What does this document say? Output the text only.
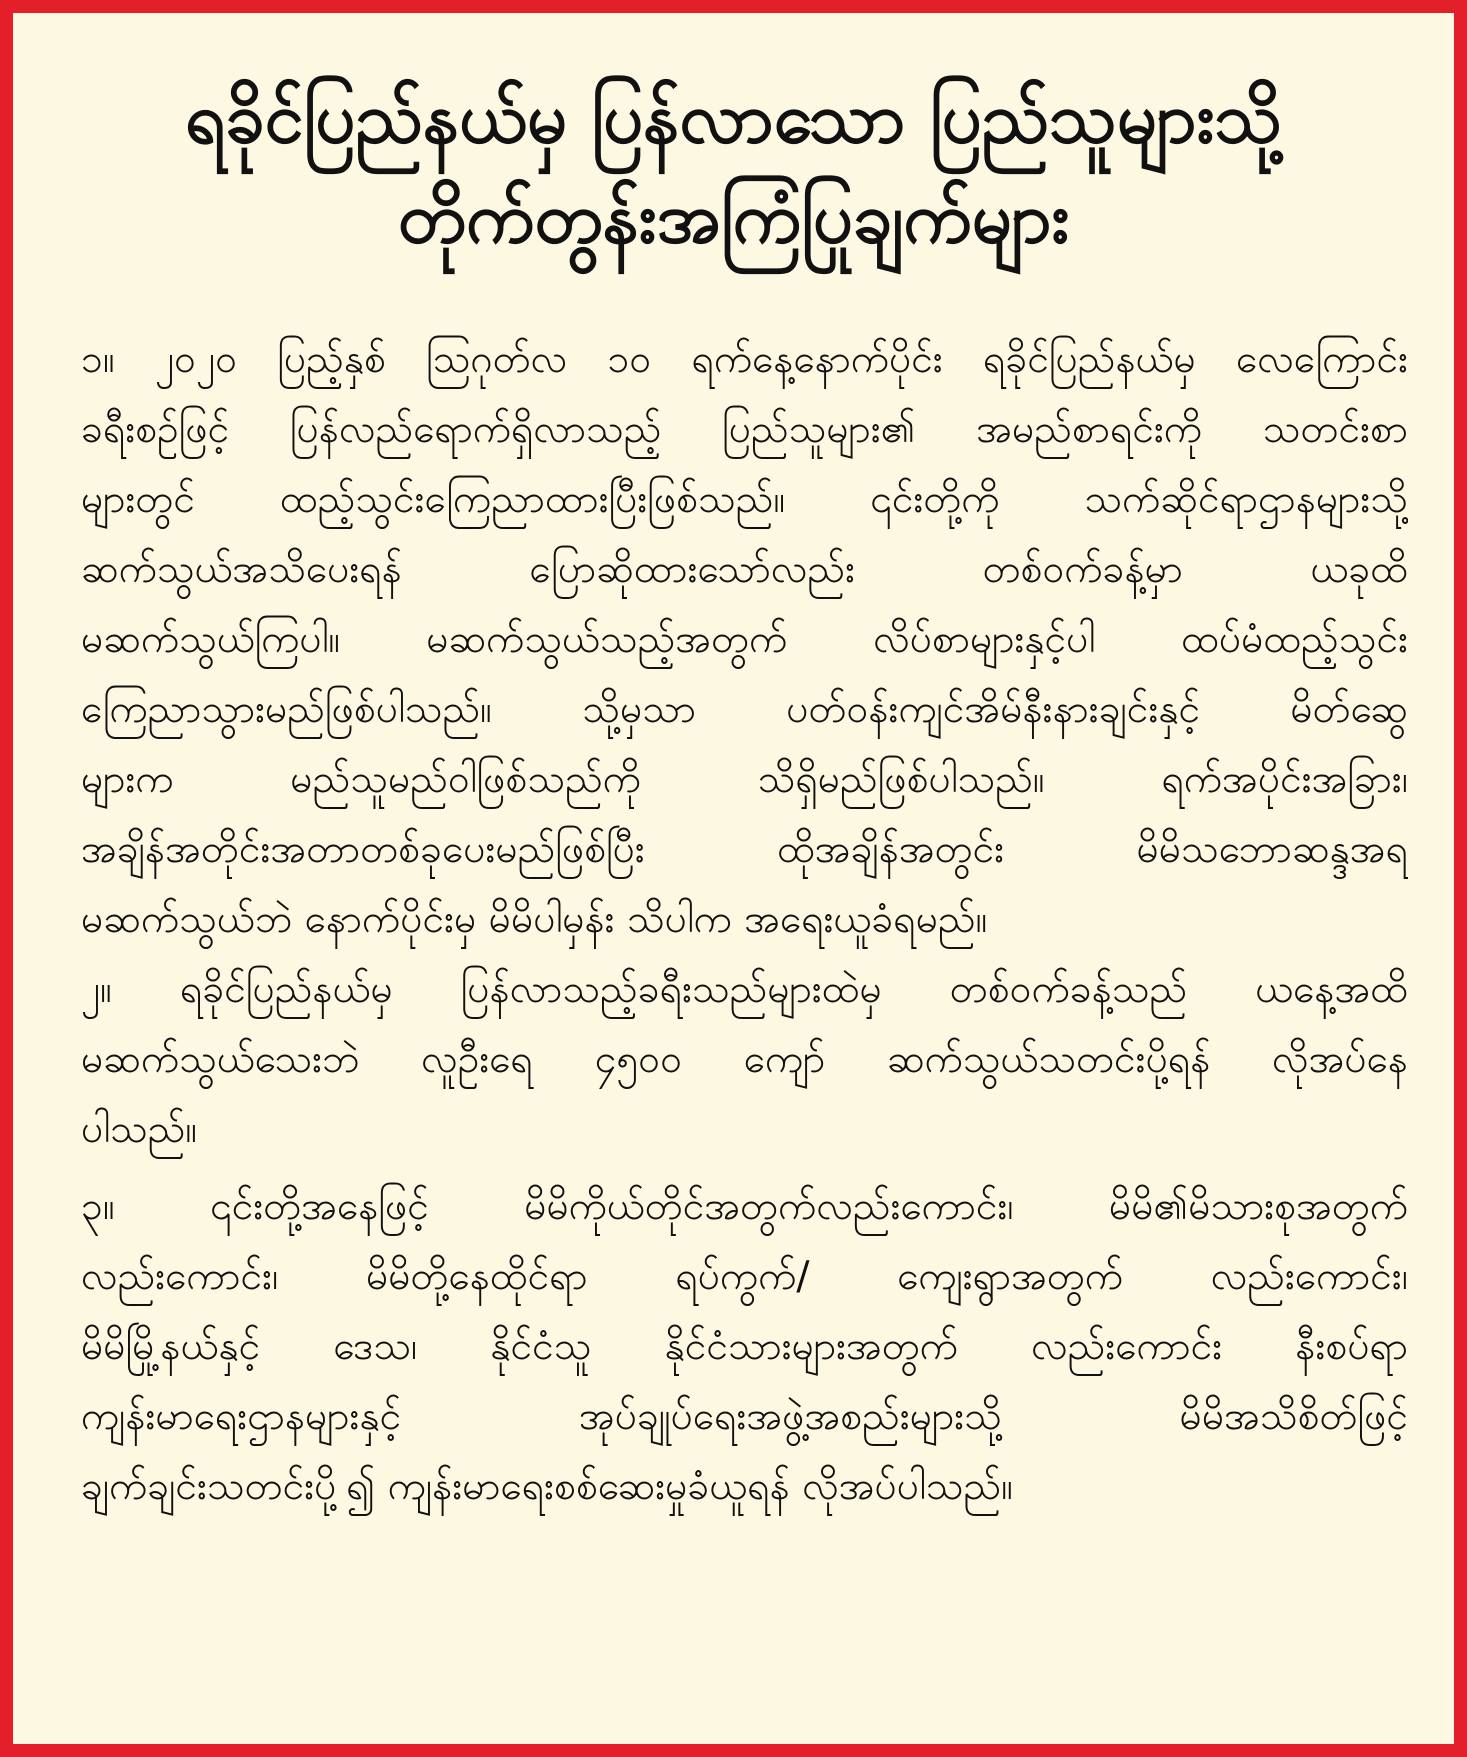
ရခိုင်ပြည်နယ်မှ ပြန်လာသော ပြည်သူများသို့
တိုက်တွန်းအကြံပြုချက်များ
၁။ ၂၀၂၀ ပြည့်နှစ် ဩဂုတ်လ ၁၀ ရက်နေ့နောက်ပိုင်း ရခိုင်ပြည်နယ်မှ လေကြောင်း
ခရီးစဉ်ဖြင့် ပြန်လည်ရောက်ရှိလာသည့် ပြည်သူများ၏ အမည်စာရင်းကို သတင်းစာ
များတွင် ထည့်သွင်းကြေညာထားပြီးဖြစ်သည်။ ၎င်းတို့ကို သက်ဆိုင်ရာဌာနများသို့
ဆက်သွယ်အသိပေးရန် ပြောဆိုထားသော်လည်း တစ်ဝက်ခန့်မှာ ယခုထိ
မဆက်သွယ်ကြပါ။ မဆက်သွယ်သည့်အတွက် လိပ်စာများနှင့်ပါ ထပ်မံထည့်သွင်း
ကြေညာသွားမည်ဖြစ်ပါသည်။ သို့မှသာ ပတ်ဝန်းကျင်အိမ်နီးနားချင်းနှင့် မိတ်ဆွေ
များက မည်သူမည်ဝါဖြစ်သည်ကို သိရှိမည်ဖြစ်ပါသည်။ ရက်အပိုင်းအခြား၊
အချိန်အတိုင်းအတာတစ်ခုပေးမည်ဖြစ်ပြီး ထိုအချိန်အတွင်း မိမိသဘောဆန္ဒအရ
မဆက်သွယ်ဘဲ နောက်ပိုင်းမှ မိမိပါမှန်း သိပါက အရေးယူခံရမည်။
၂။ ရခိုင်ပြည်နယ်မှ ပြန်လာသည့်ခရီးသည်များထဲမှ တစ်ဝက်ခန့်သည် ယနေ့အထိ
မဆက်သွယ်သေးဘဲ လူဦးရေ ၄၅၀၀ ကျော် ဆက်သွယ်သတင်းပို့ရန် လိုအပ်နေ
ပါသည်။
၃။ ၎င်းတို့အနေဖြင့် မိမိကိုယ်တိုင်အတွက်လည်းကောင်း၊ မိမိ၏မိသားစုအတွက်
လည်းကောင်း၊ မိမိတို့နေထိုင်ရာ ရပ်ကွက်/ ကျေးရွာအတွက် လည်းကောင်း၊
မိမိမြို့နယ်နှင့် ဒေသ၊ နိုင်ငံသူ နိုင်ငံသားများအတွက် လည်းကောင်း နီးစပ်ရာ
ကျန်းမာရေးဌာနများနှင့် အုပ်ချုပ်ရေးအဖွဲ့အစည်းများသို့ မိမိအသိစိတ်ဖြင့်
ချက်ချင်းသတင်းပို့၍ ကျန်းမာရေးစစ်ဆေးမှုခံယူရန် လိုအပ်ပါသည်။
